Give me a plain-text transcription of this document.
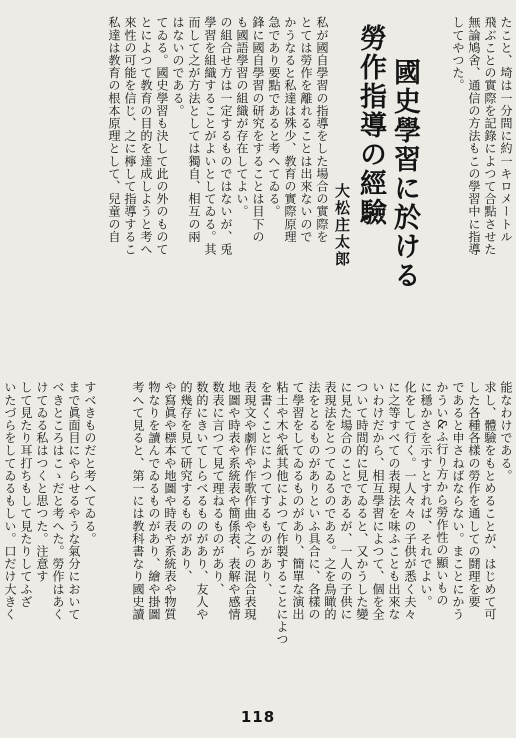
たこと、埼は一分間に約一キロメートル
飛ぶことの實際を記錄によつて合點させた
無論鳩舍、通信の方法もこの學習中に指導
してやつた。
私が國自學習の指導をした場合の實際を
とては勞作を離れることは出來ないので
かうなると私達は殊少、教育の實際原理
急であり要點であると考へてゐる。
鋒に國自學習の研究をすることは目下の
も國語學習の組織が存在してよい。
の組合せ方は一定するものではないが、兎
學習を組織することがよいとしてゐる。其
而して之が方法としては獨自、相互の兩
はないのである。
てゐる。國史學習も決して此の外のものて
とによつて教育の目的を達成しようと考へ
來性の可能を信じ、之に檸して指導するこ
私達は教育の根本原理として、兒童の自	國史學習に於ける
勞作指導の經驗
大松庄太郎
能なわけである。
求し、體驗をもとめることが、はじめて可
した各種各樣の勞作を通しての鬪理を要
であると申さねばならない。まことにかう
かうい&ふ行り方から勞作性の顯いもの
に穩かさを示すとすれば、それでよい。
化をして行く。一人々々の子供が悉く夫々
に之等すべての表現法を味ふことも出來な
いわけだから、相互學習によつて、個を全
ついて時間的に見てゐると、又かうした變
に見た場合のことであるが、一人の子供に
表現法をとつてゐるのである。之を鳥瞰的
法をとるものがありといふ具合に、各樣の
て學習をしてゐるものがあり、簡單な演出
粘土や木や紙其他によつて作製することによつ
を書くことによつてするものがあり、
表現文や劇作や作歌作曲や之らの混合表現
地圖や時表や系統表や簡係表、表解や感情
数表に言つて見て理ねるものがあり、
数的にきいてしらべるものがあり、友人や
的幾存を見て研究するものがあり、
や寫眞や標本や地圖や時表や系統表や物質
物なりを讀んでゐるものがあり、繪や掛圖
考へて見ると、第一には教科書なり國史讀
すべきものだと考へてゐる。
まで眞面目にやらせるやうな氣分において
べきところはこゝだと考へた。勞作はあく
けてゐる私はつくと思つた。注意す
して見たり耳打ちもして見たりしてふざ
いたづらをしてゐるもしい。口だけ大きく
118
